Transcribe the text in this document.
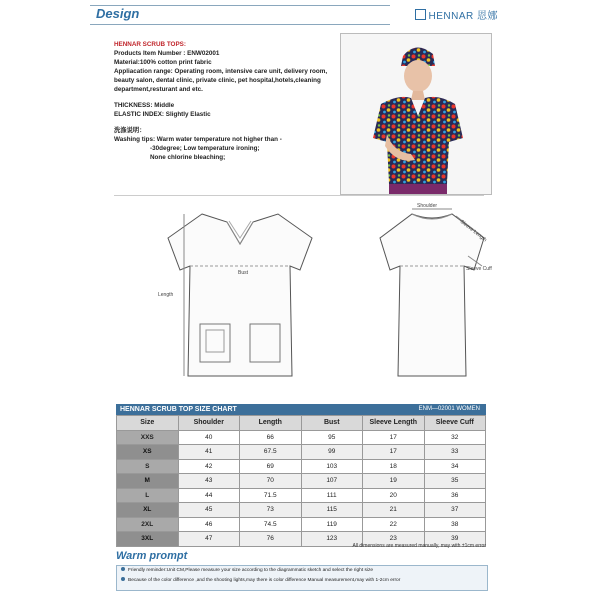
Design	HENNAR 恩娜

HENNAR SCRUB TOPS:

Products Item Number : ENW02001

Material:100% cotton print fabric

Appliacation range: Operating room, intensive care unit, delivery room, beauty salon, dental clinic, private clinic, pet hospital,hotels,cleaning department,resturant and etc.

THICKNESS: Middle

ELASTIC INDEX: Slightly Elastic

洗涤说明：

Washing tips: Warm water temperature not higher than -

-30degree; Low temperature ironing;

None chlorine bleaching;

Bust
Length
Shoulder
Sleeve Length
Sleeve Cuff
HENNAR SCRUB TOP SIZE CHART	ENM—02001 WOMEN
Size	Shoulder	Length	Bust	Sleeve Length	Sleeve Cuff
XXS	40	66	95	17	32
XS	41	67.5	99	17	33
S	42	69	103	18	34
M	43	70	107	19	35
L	44	71.5	111	20	36
XL	45	73	115	21	37
2XL	46	74.5	119	22	38
3XL	47	76	123	23	39
All dimensions are measured manually, may with ±1cm error
Warm prompt
Friendly reminder:Unit CM,Please measure your size according to the diagrammatic sketch and select the right size
Because of the color difference ,and the shooting lights,may there is color difference Manual measurement,may with 1-2cm error
